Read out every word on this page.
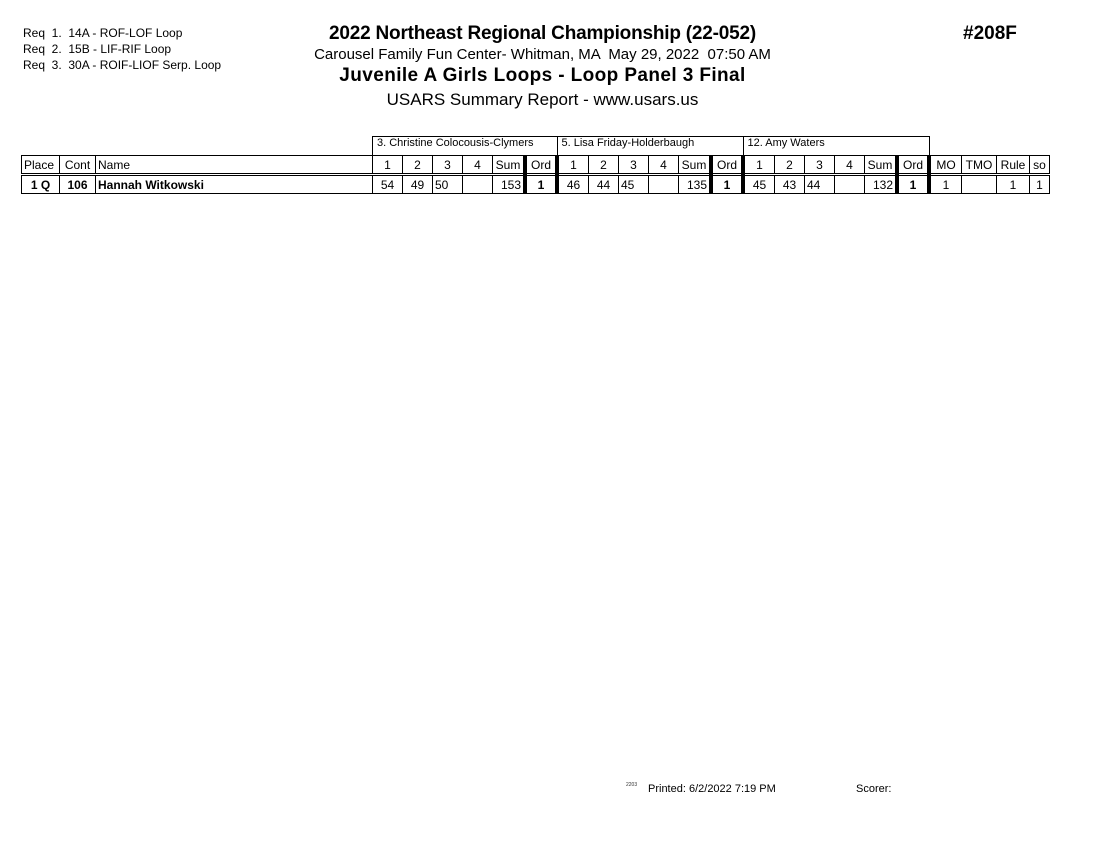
Req  1.  14A - ROF-LOF Loop
Req  2.  15B - LIF-RIF Loop
Req  3.  30A - ROIF-LIOF Serp. Loop
2022 Northeast Regional Championship (22-052)
Carousel Family Fun Center- Whitman, MA  May 29, 2022  07:50 AM
Juvenile A Girls Loops - Loop Panel 3 Final
USARS Summary Report - www.usars.us
#208F
			3. Christine Colocousis-Clymers						5. Lisa Friday-Holderbaugh						12. Amy Waters									
Place	Cont	Name	1	2	3	4	Sum	Ord	1	2	3	4	Sum	Ord	1	2	3	4	Sum	Ord	MO	TMO	Rule	so
1 Q	106	Hannah Witkowski	54	49	50		153	1	46	44	45		135	1	45	43	44		132	1	1		1	1
2203 Printed: 6/2/2022 7:19 PM	Scorer:
